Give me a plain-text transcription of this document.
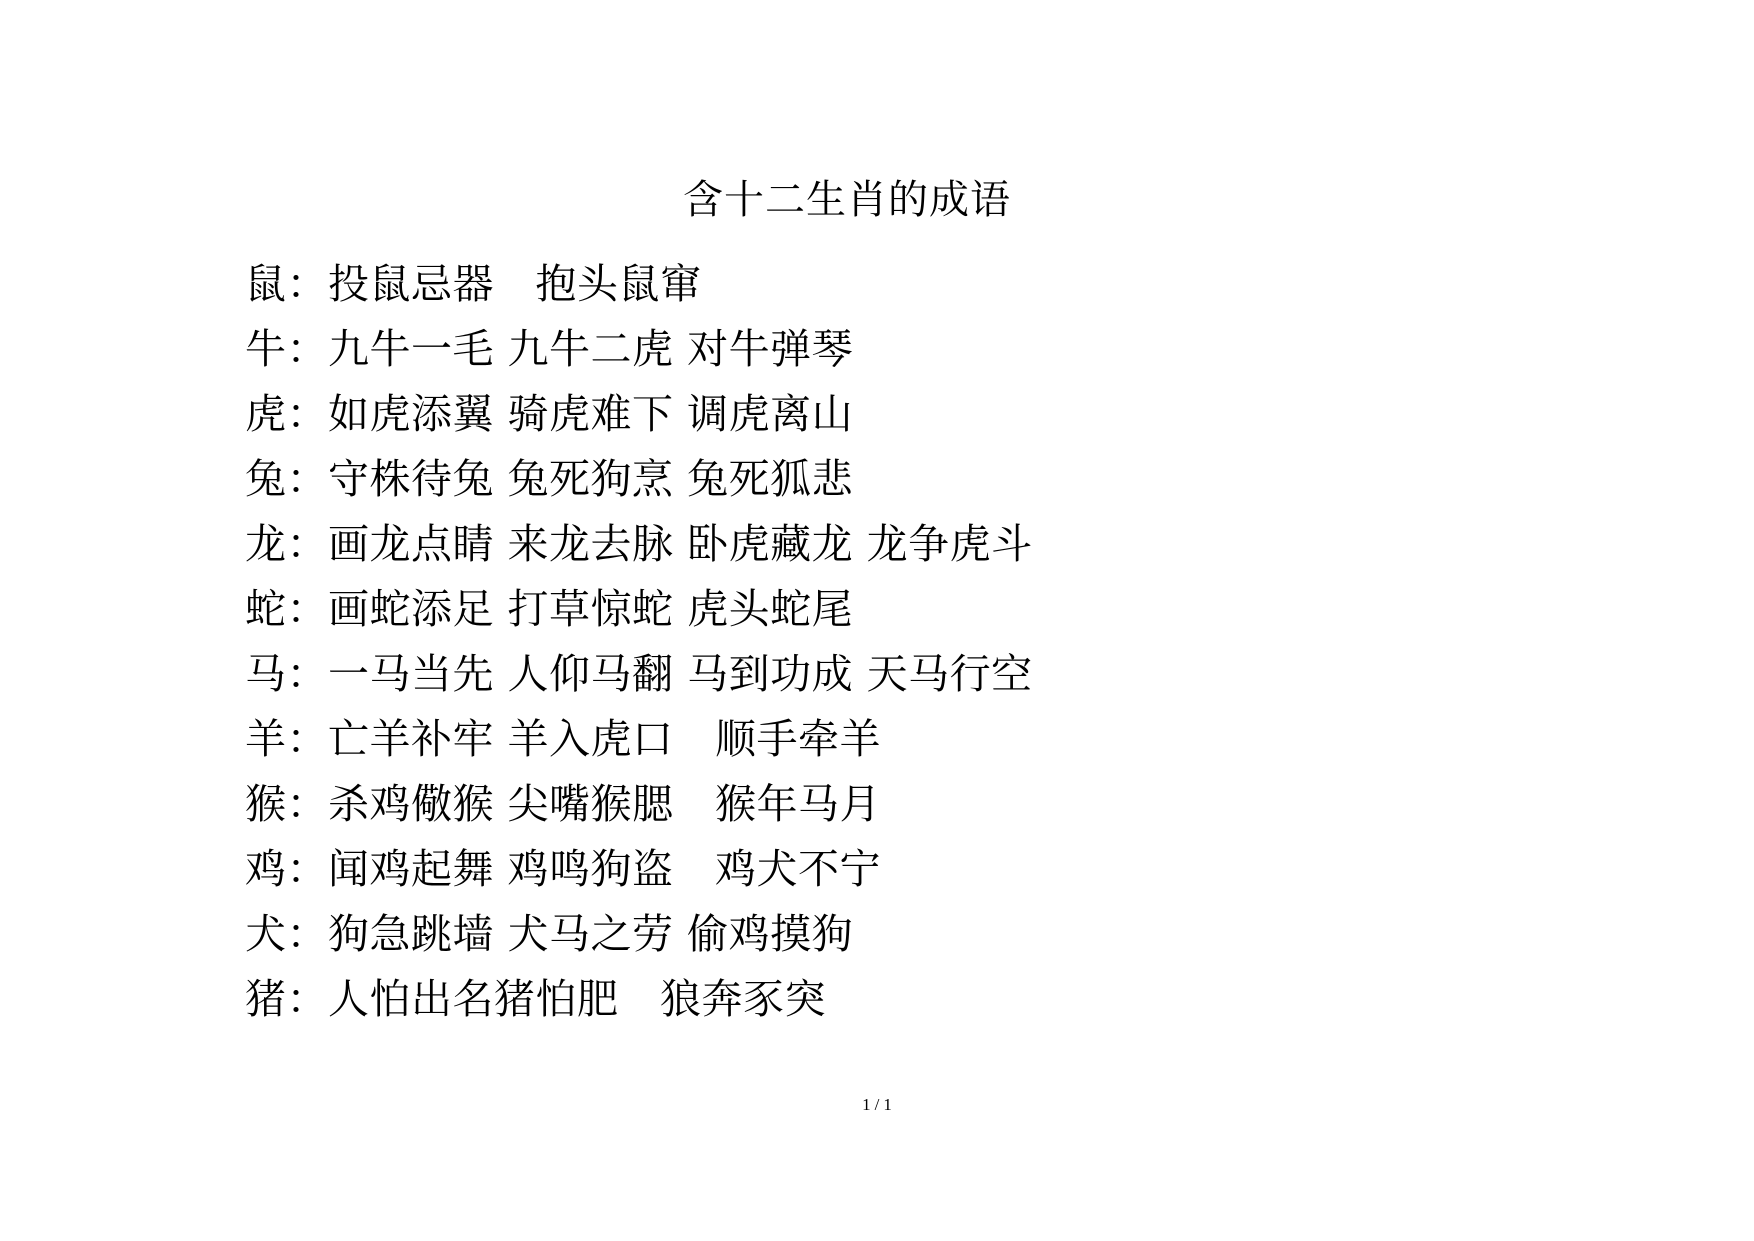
含十二生肖的成语
鼠：投鼠忌器　抱头鼠窜
牛：九牛一毛 九牛二虎 对牛弹琴
虎：如虎添翼 骑虎难下 调虎离山
兔：守株待兔 兔死狗烹 兔死狐悲
龙：画龙点睛 来龙去脉 卧虎藏龙 龙争虎斗
蛇：画蛇添足 打草惊蛇 虎头蛇尾
马：一马当先 人仰马翻 马到功成 天马行空
羊：亡羊补牢 羊入虎口　顺手牵羊
猴：杀鸡儆猴 尖嘴猴腮　猴年马月
鸡：闻鸡起舞 鸡鸣狗盗　鸡犬不宁
犬：狗急跳墙 犬马之劳 偷鸡摸狗
猪：人怕出名猪怕肥　狼奔豕突
1 / 1
